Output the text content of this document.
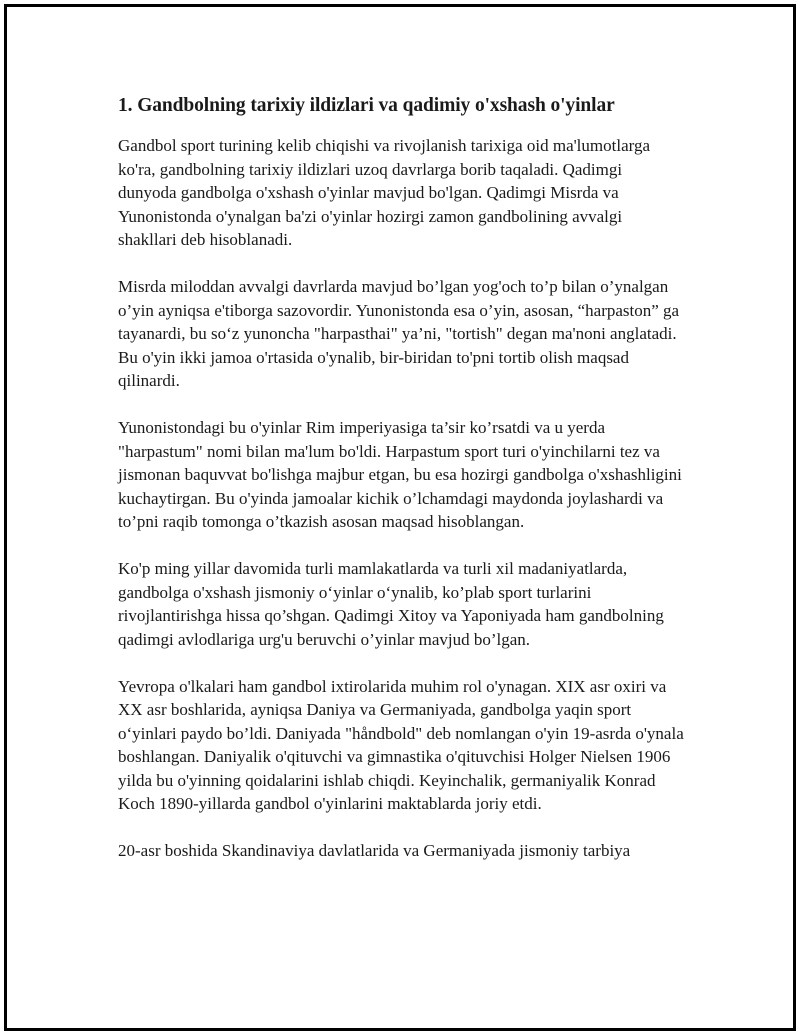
1. Gandbolning tarixiy ildizlari va qadimiy o'xshash o'yinlar

Gandbol sport turining kelib chiqishi va rivojlanish tarixiga oid ma'lumotlarga ko'ra, gandbolning tarixiy ildizlari uzoq davrlarga borib taqaladi. Qadimgi dunyoda gandbolga o'xshash o'yinlar mavjud bo'lgan. Qadimgi Misrda va Yunonistonda o'ynalgan ba'zi o'yinlar hozirgi zamon gandbolining avvalgi shakllari deb hisoblanadi.

Misrda miloddan avvalgi davrlarda mavjud bo’lgan yog'och to’p bilan o’ynalgan o’yin ayniqsa e'tiborga sazovordir. Yunonistonda esa o’yin, asosan, “harpaston” ga tayanardi, bu so‘z yunoncha "harpasthai" ya’ni, "tortish" degan ma'noni anglatadi. Bu o'yin ikki jamoa o'rtasida o'ynalib, bir-biridan to'pni tortib olish maqsad qilinardi.

Yunonistondagi bu o'yinlar Rim imperiyasiga ta’sir ko’rsatdi va u yerda "harpastum" nomi bilan ma'lum bo'ldi. Harpastum sport turi o'yinchilarni tez va jismonan baquvvat bo'lishga majbur etgan, bu esa hozirgi gandbolga o'xshashligini kuchaytirgan. Bu o'yinda jamoalar kichik o’lchamdagi maydonda joylashardi va to’pni raqib tomonga o’tkazish asosan maqsad hisoblangan.

Ko'p ming yillar davomida turli mamlakatlarda va turli xil madaniyatlarda, gandbolga o'xshash jismoniy o‘yinlar o‘ynalib, ko’plab sport turlarini rivojlantirishga hissa qo’shgan. Qadimgi Xitoy va Yaponiyada ham gandbolning qadimgi avlodlariga urg'u beruvchi o’yinlar mavjud bo’lgan.

Yevropa o'lkalari ham gandbol ixtirolarida muhim rol o'ynagan. XIX asr oxiri va XX asr boshlarida, ayniqsa Daniya va Germaniyada, gandbolga yaqin sport o‘yinlari paydo bo’ldi. Daniyada "håndbold" deb nomlangan o'yin 19-asrda o'ynala boshlangan. Daniyalik o'qituvchi va gimnastika o'qituvchisi Holger Nielsen 1906 yilda bu o'yinning qoidalarini ishlab chiqdi. Keyinchalik, germaniyalik Konrad Koch 1890-yillarda gandbol o'yinlarini maktablarda joriy etdi.

20-asr boshida Skandinaviya davlatlarida va Germaniyada jismoniy tarbiya
